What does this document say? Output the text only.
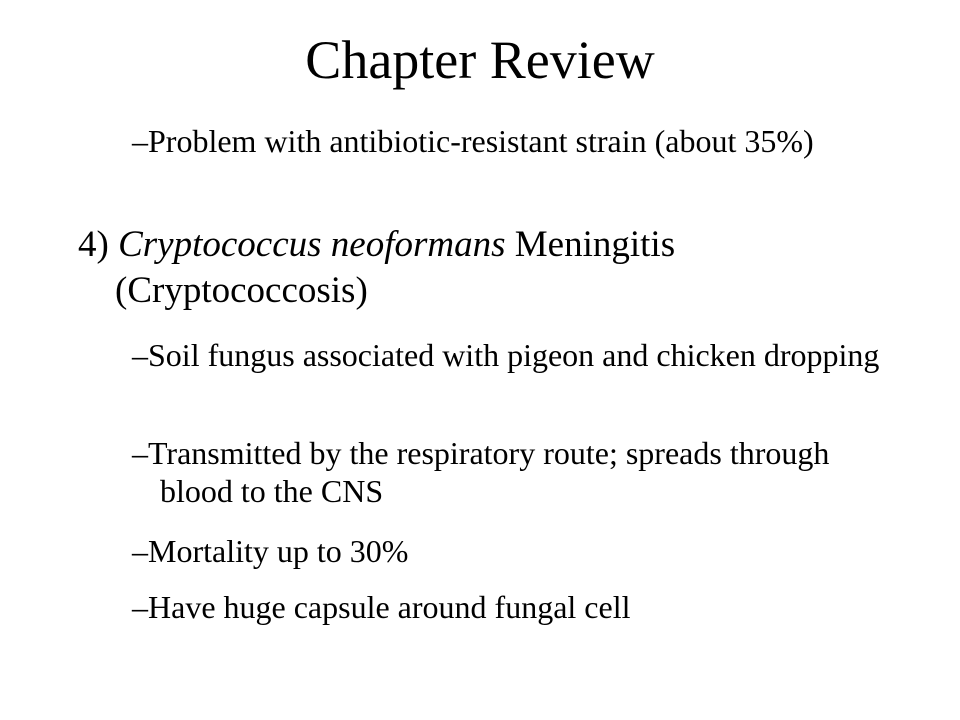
Chapter Review

–Problem with antibiotic-resistant strain (about 35%)

4) Cryptococcus neoformans Meningitis (Cryptococcosis)

–Soil fungus associated with pigeon and chicken dropping

–Transmitted by the respiratory route; spreads through blood to the CNS

–Mortality up to 30%

–Have huge capsule around fungal cell
